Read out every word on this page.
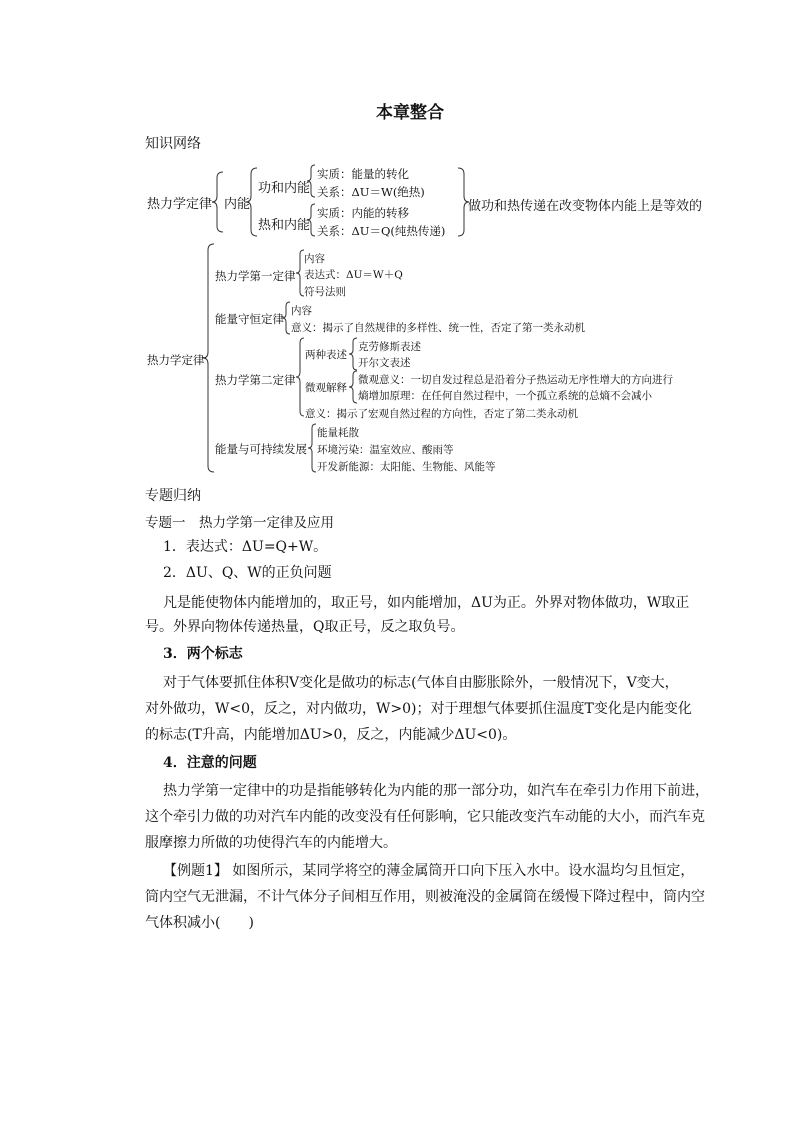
本章整合
知识网络
热力学定律 内能
功和内能
实质：能量的转化
关系：ΔU＝W(绝热)
热和内能
实质：内能的转移
关系：ΔU＝Q(纯热传递)
做功和热传递在改变物体内能上是等效的
热力学定律
热力学第一定律
内容
表达式：ΔU＝W＋Q
符号法则
能量守恒定律
内容
意义：揭示了自然规律的多样性、统一性，否定了第一类永动机
热力学第二定律
两种表述
克劳修斯表述
开尔文表述
微观解释
微观意义：一切自发过程总是沿着分子热运动无序性增大的方向进行
熵增加原理：在任何自然过程中，一个孤立系统的总熵不会减小
意义：揭示了宏观自然过程的方向性，否定了第二类永动机
能量与可持续发展
能量耗散
环境污染：温室效应、酸雨等
开发新能源：太阳能、生物能、风能等
专题归纳
专题一　热力学第一定律及应用
1．表达式：ΔU=Q+W。
2．ΔU、Q、W的正负问题
凡是能使物体内能增加的，取正号，如内能增加，ΔU为正。外界对物体做功，W取正
号。外界向物体传递热量，Q取正号，反之取负号。
3．两个标志
对于气体要抓住体积V变化是做功的标志(气体自由膨胀除外，一般情况下，V变大，
对外做功，W<0，反之，对内做功，W>0)；对于理想气体要抓住温度T变化是内能变化
的标志(T升高，内能增加ΔU>0，反之，内能减少ΔU<0)。
4．注意的问题
热力学第一定律中的功是指能够转化为内能的那一部分功，如汽车在牵引力作用下前进，
这个牵引力做的功对汽车内能的改变没有任何影响，它只能改变汽车动能的大小，而汽车克
服摩擦力所做的功使得汽车的内能增大。
【例题1】 如图所示，某同学将空的薄金属筒开口向下压入水中。设水温均匀且恒定，
筒内空气无泄漏，不计气体分子间相互作用，则被淹没的金属筒在缓慢下降过程中，筒内空
气体积减小(　　)
